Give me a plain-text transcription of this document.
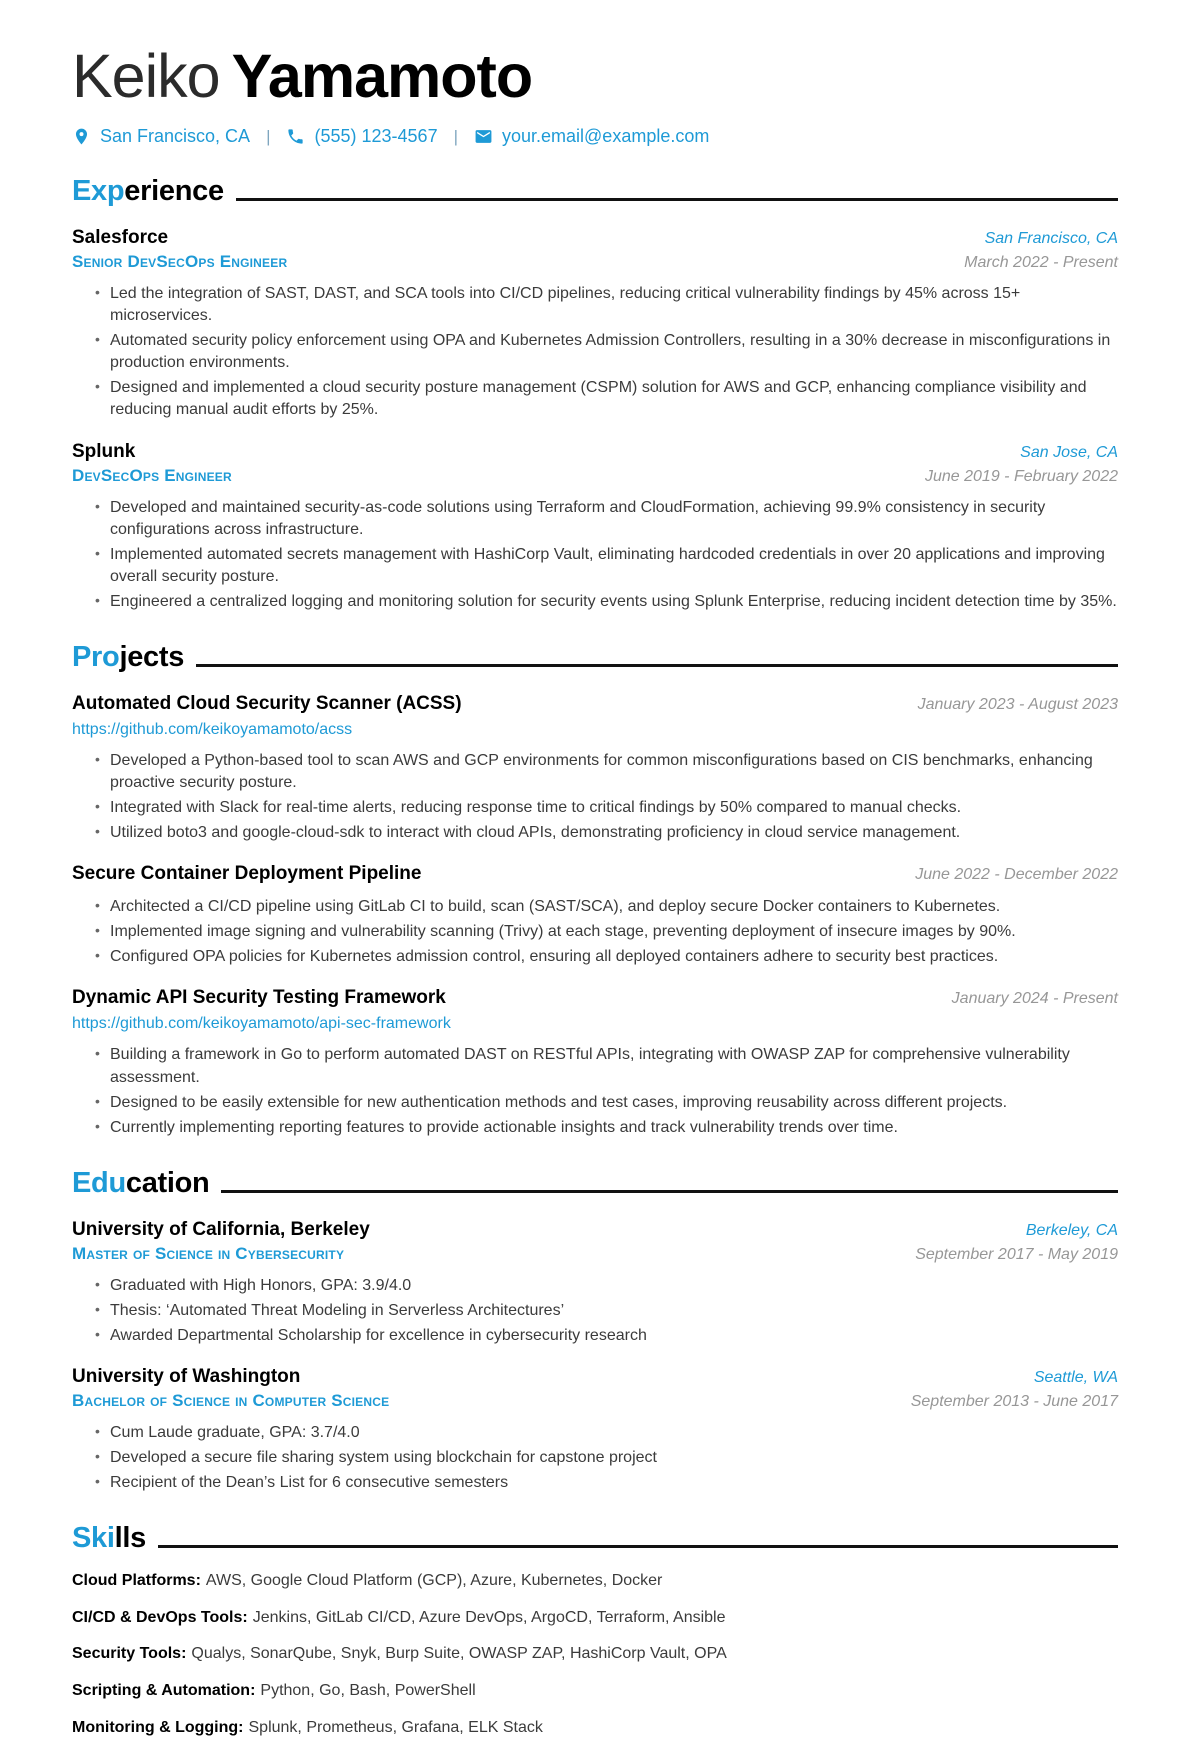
Keiko Yamamoto
San Francisco, CA | (555) 123-4567 | your.email@example.com
Experience
Salesforce	San Francisco, CA
Senior DevSecOps Engineer	March 2022 - Present
• Led the integration of SAST, DAST, and SCA tools into CI/CD pipelines, reducing critical vulnerability findings by 45% across 15+ microservices.
• Automated security policy enforcement using OPA and Kubernetes Admission Controllers, resulting in a 30% decrease in misconfigurations in production environments.
• Designed and implemented a cloud security posture management (CSPM) solution for AWS and GCP, enhancing compliance visibility and reducing manual audit efforts by 25%.
Splunk	San Jose, CA
DevSecOps Engineer	June 2019 - February 2022
• Developed and maintained security-as-code solutions using Terraform and CloudFormation, achieving 99.9% consistency in security configurations across infrastructure.
• Implemented automated secrets management with HashiCorp Vault, eliminating hardcoded credentials in over 20 applications and improving overall security posture.
• Engineered a centralized logging and monitoring solution for security events using Splunk Enterprise, reducing incident detection time by 35%.
Projects
Automated Cloud Security Scanner (ACSS)	January 2023 - August 2023
https://github.com/keikoyamamoto/acss
• Developed a Python-based tool to scan AWS and GCP environments for common misconfigurations based on CIS benchmarks, enhancing proactive security posture.
• Integrated with Slack for real-time alerts, reducing response time to critical findings by 50% compared to manual checks.
• Utilized boto3 and google-cloud-sdk to interact with cloud APIs, demonstrating proficiency in cloud service management.
Secure Container Deployment Pipeline	June 2022 - December 2022
• Architected a CI/CD pipeline using GitLab CI to build, scan (SAST/SCA), and deploy secure Docker containers to Kubernetes.
• Implemented image signing and vulnerability scanning (Trivy) at each stage, preventing deployment of insecure images by 90%.
• Configured OPA policies for Kubernetes admission control, ensuring all deployed containers adhere to security best practices.
Dynamic API Security Testing Framework	January 2024 - Present
https://github.com/keikoyamamoto/api-sec-framework
• Building a framework in Go to perform automated DAST on RESTful APIs, integrating with OWASP ZAP for comprehensive vulnerability assessment.
• Designed to be easily extensible for new authentication methods and test cases, improving reusability across different projects.
• Currently implementing reporting features to provide actionable insights and track vulnerability trends over time.
Education
University of California, Berkeley	Berkeley, CA
Master of Science in Cybersecurity	September 2017 - May 2019
• Graduated with High Honors, GPA: 3.9/4.0
• Thesis: ‘Automated Threat Modeling in Serverless Architectures’
• Awarded Departmental Scholarship for excellence in cybersecurity research
University of Washington	Seattle, WA
Bachelor of Science in Computer Science	September 2013 - June 2017
• Cum Laude graduate, GPA: 3.7/4.0
• Developed a secure file sharing system using blockchain for capstone project
• Recipient of the Dean’s List for 6 consecutive semesters
Skills
Cloud Platforms: AWS, Google Cloud Platform (GCP), Azure, Kubernetes, Docker
CI/CD & DevOps Tools: Jenkins, GitLab CI/CD, Azure DevOps, ArgoCD, Terraform, Ansible
Security Tools: Qualys, SonarQube, Snyk, Burp Suite, OWASP ZAP, HashiCorp Vault, OPA
Scripting & Automation: Python, Go, Bash, PowerShell
Monitoring & Logging: Splunk, Prometheus, Grafana, ELK Stack
